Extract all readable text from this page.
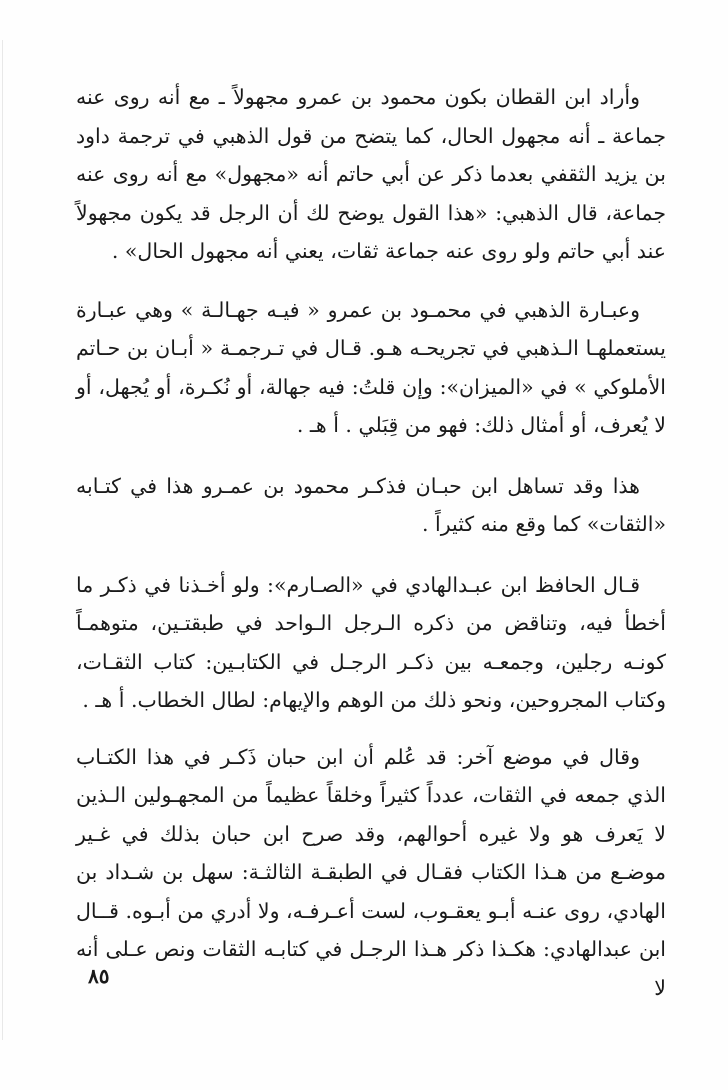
وأراد ابن القطان بكون محمود بن عمرو مجهولاً ـ مع أنه روى عنه جماعة ـ أنه مجهول الحال، كما يتضح من قول الذهبي في ترجمة داود بن يزيد الثقفي بعدما ذكر عن أبي حاتم أنه «مجهول» مع أنه روى عنه جماعة، قال الذهبي: «هذا القول يوضح لك أن الرجل قد يكون مجهولاً عند أبي حاتم ولو روى عنه جماعة ثقات، يعني أنه مجهول الحال» .

وعبـارة الذهبي في محمـود بن عمرو « فيـه جهـالـة » وهي عبـارة يستعملهـا الـذهبي في تجريحـه هـو. قـال في تـرجمـة « أبـان بن حـاتم الأملوكي » في «الميزان»: وإن قلتُ: فيه جهالة، أو نُكـرة، أو يُجهل، أو لا يُعرف، أو أمثال ذلك: فهو من قِبَلي . أ هـ .

هذا وقد تساهل ابن حبـان فذكـر محمود بن عمـرو هذا في كتـابه «الثقات» كما وقع منه كثيراً .

قـال الحافظ ابن عبـدالهادي في «الصـارم»: ولو أخـذنا في ذكـر ما أخطأ فيه، وتناقض من ذكره الـرجل الـواحد في طبقتـين، متوهمـاً كونـه رجلين، وجمعـه بين ذكـر الرجـل في الكتابـين: كتاب الثقـات، وكتاب المجروحين، ونحو ذلك من الوهم والإيهام: لطال الخطاب. أ هـ .

وقال في موضع آخر: قد عُلم أن ابن حبان ذَكـر في هذا الكتـاب الذي جمعه في الثقات، عدداً كثيراً وخلقاً عظيماً من المجهـولين الـذين لا يَعرف هو ولا غيره أحوالهم، وقد صرح ابن حبان بذلك في غـير موضـع من هـذا الكتاب فقـال في الطبقـة الثالثـة: سهل بن شـداد بن الهادي، روى عنـه أبـو يعقـوب، لست أعـرفـه، ولا أدري من أبـوه. قــال ابن عبدالهادي: هكـذا ذكر هـذا الرجـل في كتابـه الثقات ونص عـلى أنه لا

٨٥
